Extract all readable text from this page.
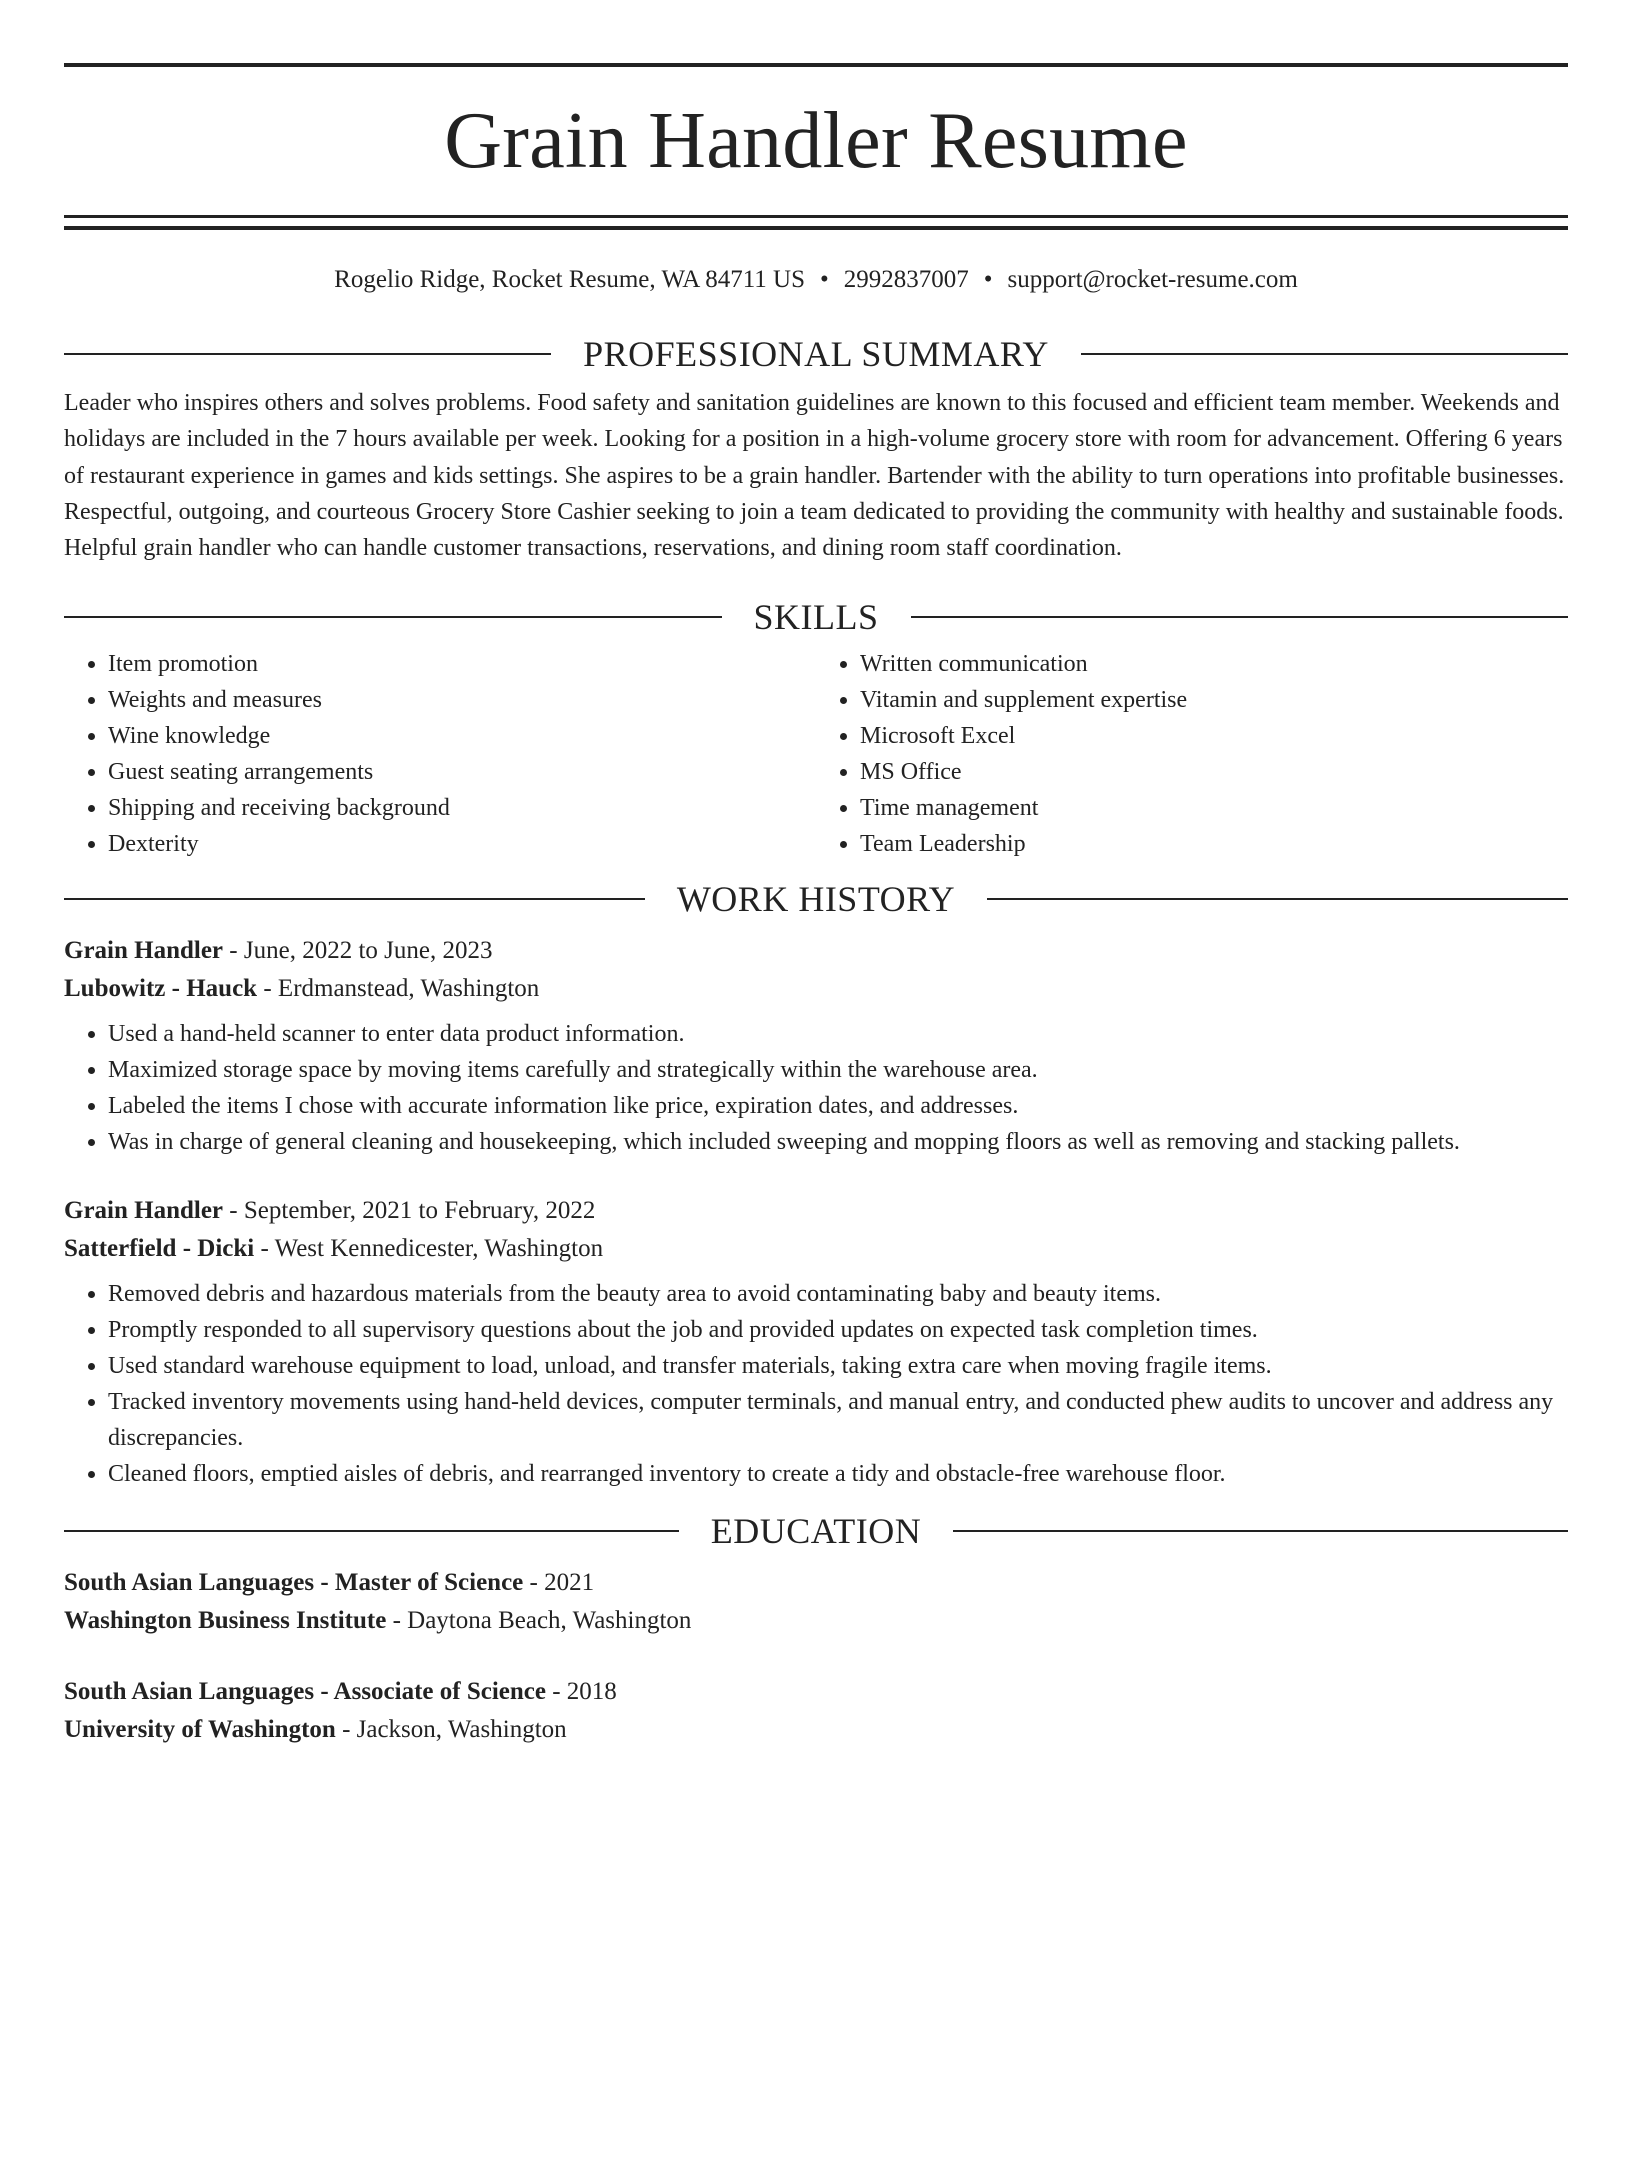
Grain Handler Resume
Rogelio Ridge, Rocket Resume, WA 84711 US • 2992837007 • support@rocket-resume.com
PROFESSIONAL SUMMARY

Leader who inspires others and solves problems. Food safety and sanitation guidelines are known to this focused and efficient team member. Weekends and holidays are included in the 7 hours available per week. Looking for a position in a high-volume grocery store with room for advancement. Offering 6 years of restaurant experience in games and kids settings. She aspires to be a grain handler. Bartender with the ability to turn operations into profitable businesses. Respectful, outgoing, and courteous Grocery Store Cashier seeking to join a team dedicated to providing the community with healthy and sustainable foods. Helpful grain handler who can handle customer transactions, reservations, and dining room staff coordination.

SKILLS
• Item promotion
• Weights and measures
• Wine knowledge
• Guest seating arrangements
• Shipping and receiving background
• Dexterity
• Written communication
• Vitamin and supplement expertise
• Microsoft Excel
• MS Office
• Time management
• Team Leadership
WORK HISTORY
Grain Handler - June, 2022 to June, 2023
Lubowitz - Hauck - Erdmanstead, Washington
• Used a hand-held scanner to enter data product information.
• Maximized storage space by moving items carefully and strategically within the warehouse area.
• Labeled the items I chose with accurate information like price, expiration dates, and addresses.
• Was in charge of general cleaning and housekeeping, which included sweeping and mopping floors as well as removing and stacking pallets.
Grain Handler - September, 2021 to February, 2022
Satterfield - Dicki - West Kennedicester, Washington
• Removed debris and hazardous materials from the beauty area to avoid contaminating baby and beauty items.
• Promptly responded to all supervisory questions about the job and provided updates on expected task completion times.
• Used standard warehouse equipment to load, unload, and transfer materials, taking extra care when moving fragile items.
• Tracked inventory movements using hand-held devices, computer terminals, and manual entry, and conducted phew audits to uncover and address any discrepancies.
• Cleaned floors, emptied aisles of debris, and rearranged inventory to create a tidy and obstacle-free warehouse floor.
EDUCATION
South Asian Languages - Master of Science - 2021
Washington Business Institute - Daytona Beach, Washington
South Asian Languages - Associate of Science - 2018
University of Washington - Jackson, Washington
